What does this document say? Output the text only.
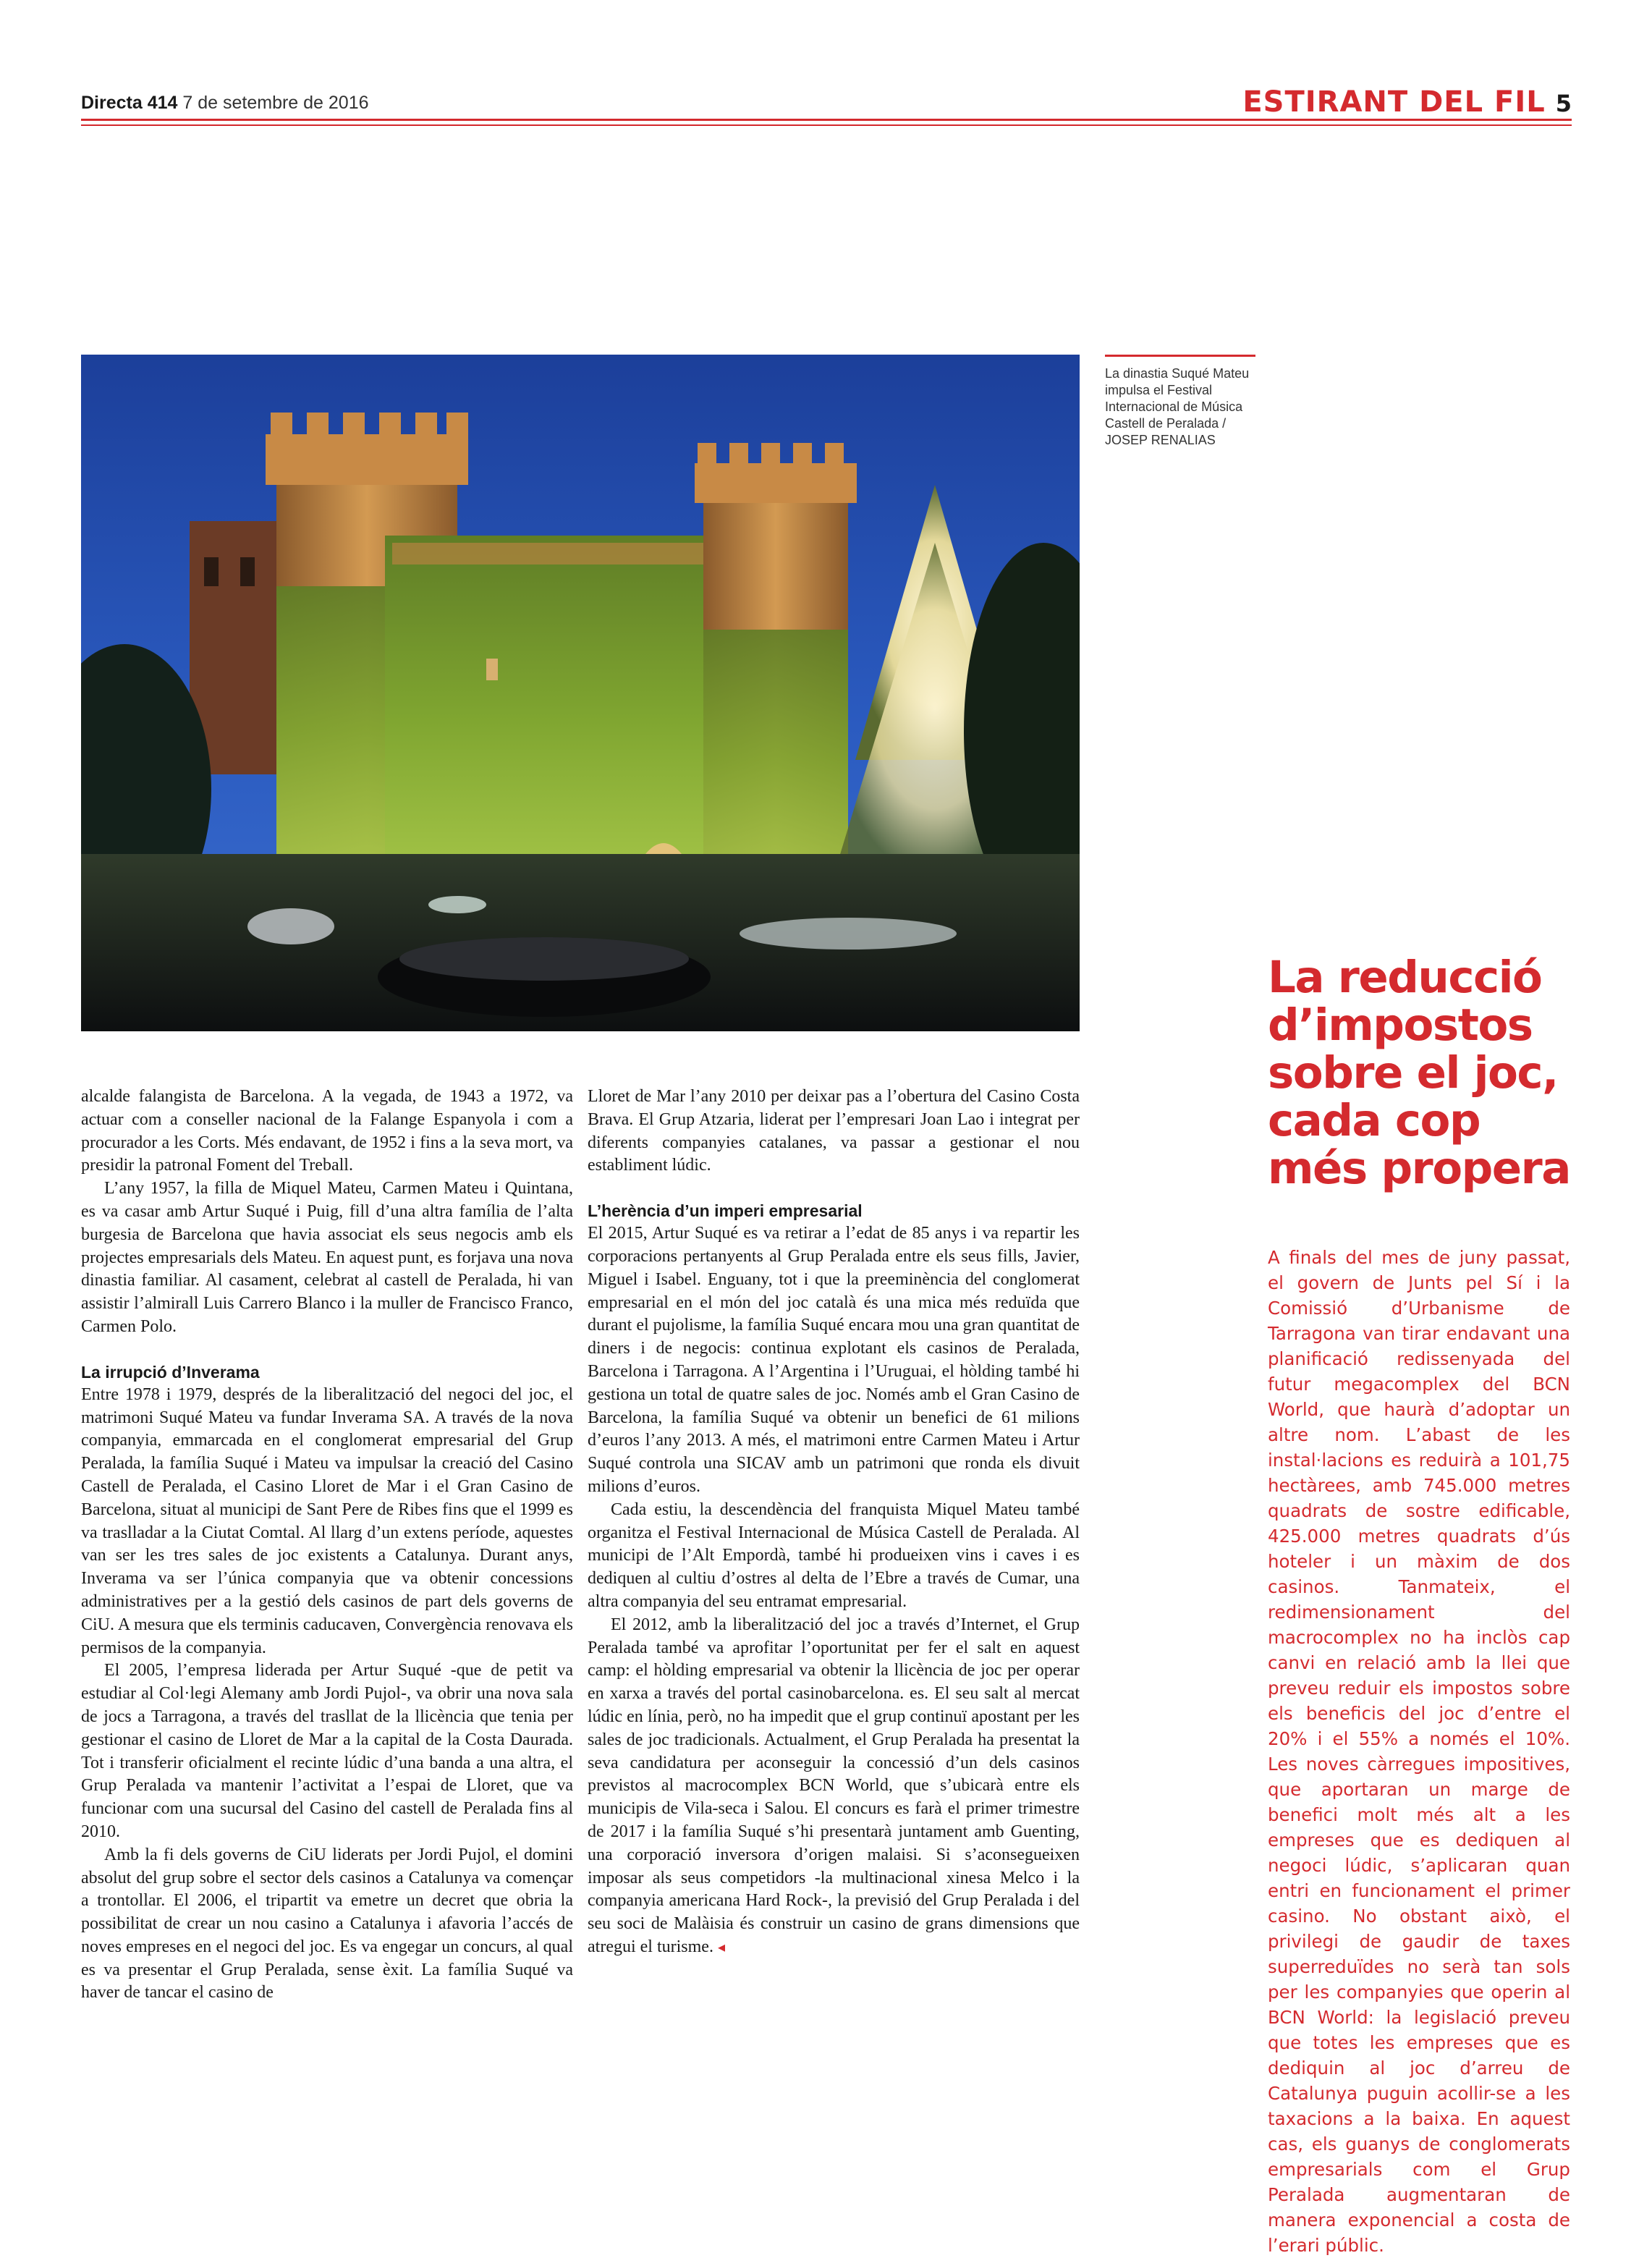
Directa 414 7 de setembre de 2016	ESTIRANT DEL FIL 5
La dinastia Suqué Mateu impulsa el Festival Internacional de Música Castell de Peralada / JOSEP RENALIAS

alcalde falangista de Barcelona. A la vegada, de 1943 a 1972, va actuar com a conseller nacional de la Falange Espanyola i com a procurador a les Corts. Més endavant, de 1952 i fins a la seva mort, va presidir la patronal Foment del Treball.

L’any 1957, la filla de Miquel Mateu, Carmen Mateu i Quintana, es va casar amb Artur Suqué i Puig, fill d’una altra família de l’alta burgesia de Barcelona que havia associat els seus negocis amb els projectes empresarials dels Mateu. En aquest punt, es forjava una nova dinastia familiar. Al casament, celebrat al castell de Peralada, hi van assistir l’almirall Luis Carrero Blanco i la muller de Francisco Franco, Carmen Polo.

La irrupció d’Inverama

Entre 1978 i 1979, després de la liberalització del negoci del joc, el matrimoni Suqué Mateu va fundar Inverama SA. A través de la nova companyia, emmarcada en el conglomerat empresarial del Grup Peralada, la família Suqué i Mateu va impulsar la creació del Casino Castell de Peralada, el Casino Lloret de Mar i el Gran Casino de Barcelona, situat al municipi de Sant Pere de Ribes fins que el 1999 es va traslladar a la Ciutat Comtal. Al llarg d’un extens període, aquestes van ser les tres sales de joc existents a Catalunya. Durant anys, Inverama va ser l’única companyia que va obtenir concessions administratives per a la gestió dels casinos de part dels governs de CiU. A mesura que els terminis caducaven, Convergència renovava els permisos de la companyia.

El 2005, l’empresa liderada per Artur Suqué -que de petit va estudiar al Col·legi Alemany amb Jordi Pujol-, va obrir una nova sala de jocs a Tarragona, a través del trasllat de la llicència que tenia per gestionar el casino de Lloret de Mar a la capital de la Costa Daurada. Tot i transferir oficialment el recinte lúdic d’una banda a una altra, el Grup Peralada va mantenir l’activitat a l’espai de Lloret, que va funcionar com una sucursal del Casino del castell de Peralada fins al 2010.

Amb la fi dels governs de CiU liderats per Jordi Pujol, el domini absolut del grup sobre el sector dels casinos a Catalunya va començar a trontollar. El 2006, el tripartit va emetre un decret que obria la possibilitat de crear un nou casino a Catalunya i afavoria l’accés de noves empreses en el negoci del joc. Es va engegar un concurs, al qual es va presentar el Grup Peralada, sense èxit. La família Suqué va haver de tancar el casino de

Lloret de Mar l’any 2010 per deixar pas a l’obertura del Casino Costa Brava. El Grup Atzaria, liderat per l’empresari Joan Lao i integrat per diferents companyies catalanes, va passar a gestionar el nou establiment lúdic.

L’herència d’un imperi empresarial

El 2015, Artur Suqué es va retirar a l’edat de 85 anys i va repartir les corporacions pertanyents al Grup Peralada entre els seus fills, Javier, Miguel i Isabel. Enguany, tot i que la preeminència del conglomerat empresarial en el món del joc català és una mica més reduïda que durant el pujolisme, la família Suqué encara mou una gran quantitat de diners i de negocis: continua explotant els casinos de Peralada, Barcelona i Tarragona. A l’Argentina i l’Uruguai, el hòlding també hi gestiona un total de quatre sales de joc. Només amb el Gran Casino de Barcelona, la família Suqué va obtenir un benefici de 61 milions d’euros l’any 2013. A més, el matrimoni entre Carmen Mateu i Artur Suqué controla una SICAV amb un patrimoni que ronda els divuit milions d’euros.

Cada estiu, la descendència del franquista Miquel Mateu també organitza el Festival Internacional de Música Castell de Peralada. Al municipi de l’Alt Empordà, també hi produeixen vins i caves i es dediquen al cultiu d’ostres al delta de l’Ebre a través de Cumar, una altra companyia del seu entramat empresarial.

El 2012, amb la liberalització del joc a través d’Internet, el Grup Peralada també va aprofitar l’oportunitat per fer el salt en aquest camp: el hòlding empresarial va obtenir la llicència de joc per operar en xarxa a través del portal casinobarcelona. es. El seu salt al mercat lúdic en línia, però, no ha impedit que el grup continuï apostant per les sales de joc tradicionals. Actualment, el Grup Peralada ha presentat la seva candidatura per aconseguir la concessió d’un dels casinos previstos al macrocomplex BCN World, que s’ubicarà entre els municipis de Vila-seca i Salou. El concurs es farà el primer trimestre de 2017 i la família Suqué s’hi presentarà juntament amb Guenting, una corporació inversora d’origen malaisi. Si s’aconsegueixen imposar als seus competidors -la multinacional xinesa Melco i la companyia americana Hard Rock-, la previsió del Grup Peralada i del seu soci de Malàisia és construir un casino de grans dimensions que atregui el turisme. ◂

La reducció d’impostos sobre el joc, cada cop més propera
A finals del mes de juny passat, el govern de Junts pel Sí i la Comissió d’Urbanisme de Tarragona van tirar endavant una planificació redissenyada del futur megacomplex del BCN World, que haurà d’adoptar un altre nom. L’abast de les instal·lacions es reduirà a 101,75 hectàrees, amb 745.000 metres quadrats de sostre edificable, 425.000 metres quadrats d’ús hoteler i un màxim de dos casinos. Tanmateix, el redimensionament del macrocomplex no ha inclòs cap canvi en relació amb la llei que preveu reduir els impostos sobre els beneficis del joc d’entre el 20% i el 55% a només el 10%. Les noves càrregues impositives, que aportaran un marge de benefici molt més alt a les empreses que es dediquen al negoci lúdic, s’aplicaran quan entri en funcionament el primer casino. No obstant això, el privilegi de gaudir de taxes superreduïdes no serà tan sols per les companyies que operin al BCN World: la legislació preveu que totes les empreses que es dediquin al joc d’arreu de Catalunya puguin acollir-se a les taxacions a la baixa. En aquest cas, els guanys de conglomerats empresarials com el Grup Peralada augmentaran de manera exponencial a costa de l’erari públic.
